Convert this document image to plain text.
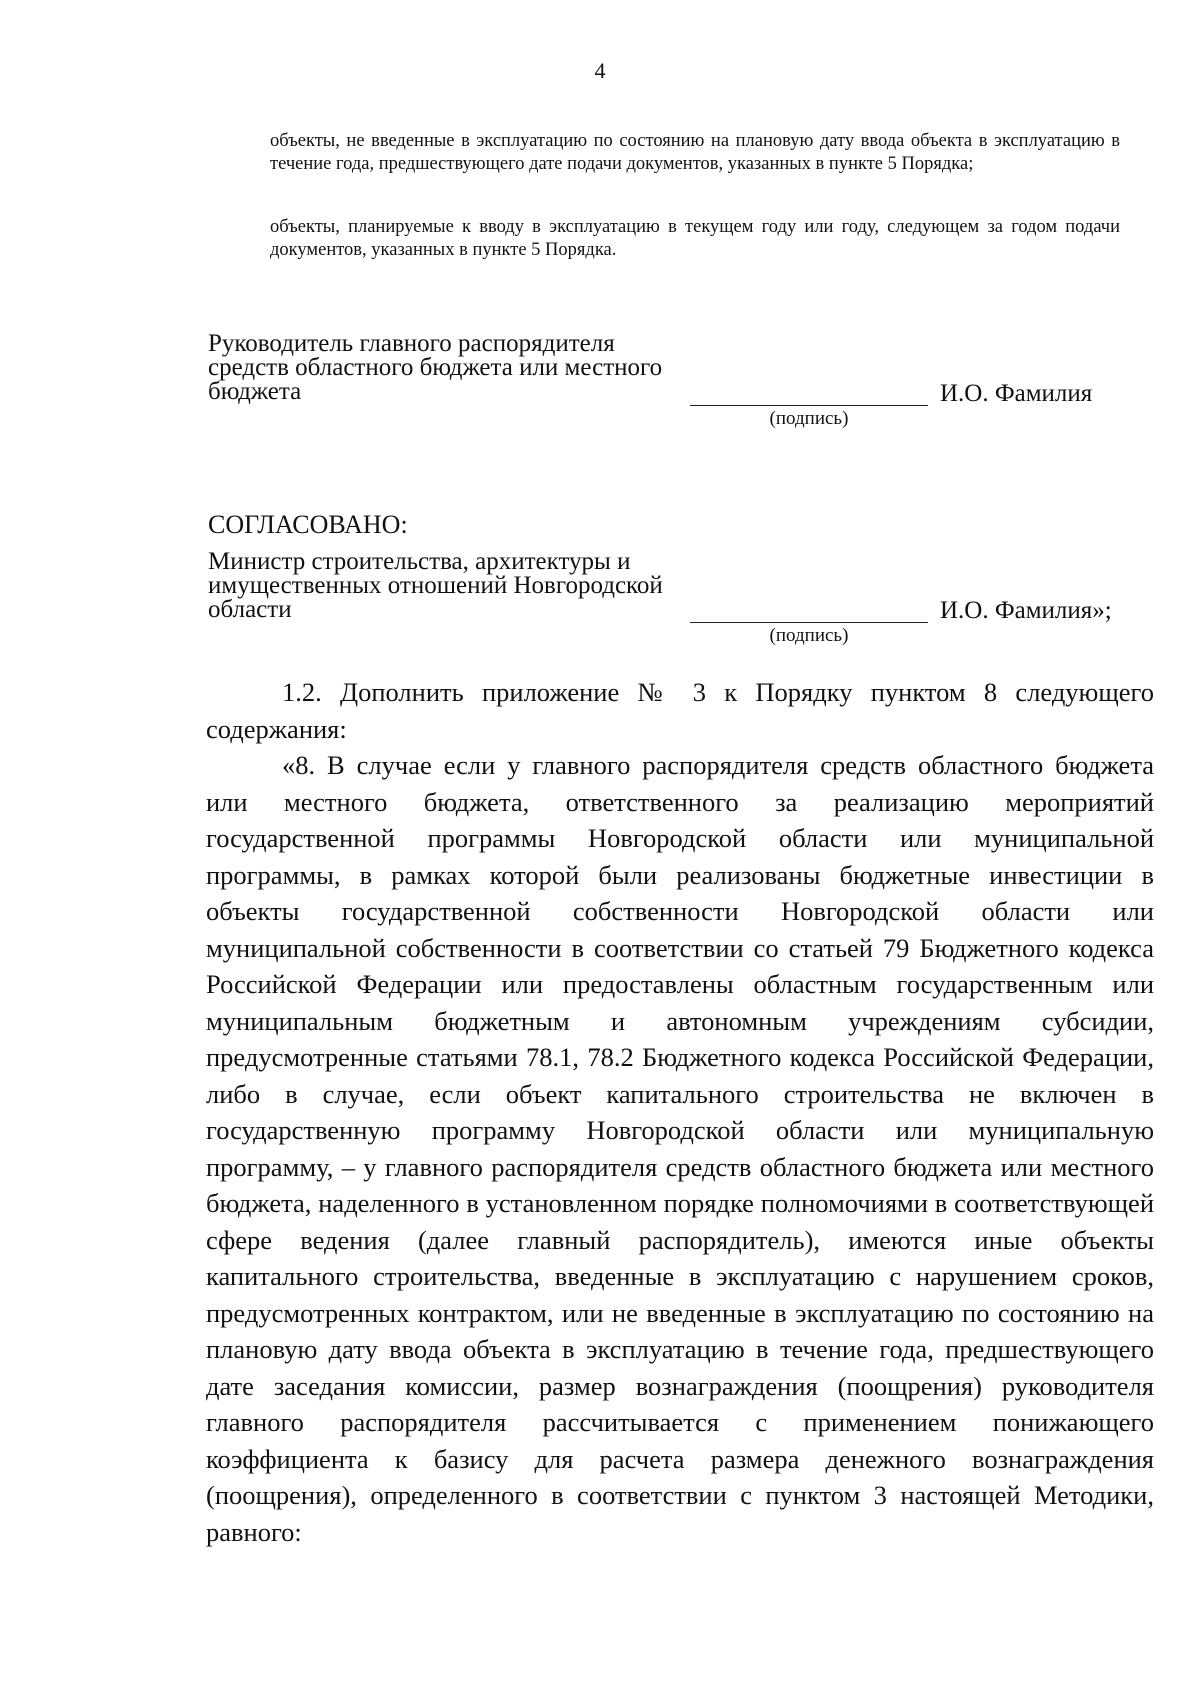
4
объекты, не введенные в эксплуатацию по состоянию на плановую дату ввода объекта в эксплуатацию в течение года, предшествующего дате подачи документов, указанных в пункте 5 Порядка;
объекты, планируемые к вводу в эксплуатацию в текущем году или году, следующем за годом подачи документов, указанных в пункте 5 Порядка.
Руководитель главного распорядителя средств областного бюджета или местного бюджета
(подпись)
И.О. Фамилия
СОГЛАСОВАНО:
Министр строительства, архитектуры и имущественных отношений Новгородской области
(подпись)
И.О. Фамилия»;

1.2. Дополнить приложение № 3 к Порядку пунктом 8 следующего содержания:

«8. В случае если у главного распорядителя средств областного бюджета или местного бюджета, ответственного за реализацию мероприятий государственной программы Новгородской области или муниципальной программы, в рамках которой были реализованы бюджетные инвестиции в объекты государственной собственности Новгородской области или муниципальной собственности в соответствии со статьей 79 Бюджетного кодекса Российской Федерации или предоставлены областным государственным или муниципальным бюджетным и автономным учреждениям субсидии, предусмотренные статьями 78.1, 78.2 Бюджетного кодекса Российской Федерации, либо в случае, если объект капитального строительства не включен в государственную программу Новгородской области или муниципальную программу, – у главного распорядителя средств областного бюджета или местного бюджета, наделенного в установленном порядке полномочиями в соответствующей сфере ведения (далее главный распорядитель), имеются иные объекты капитального строительства, введенные в эксплуатацию с нарушением сроков, предусмотренных контрактом, или не введенные в эксплуатацию по состоянию на плановую дату ввода объекта в эксплуатацию в течение года, предшествующего дате заседания комиссии, размер вознаграждения (поощрения) руководителя главного распорядителя рассчитывается с применением понижающего коэффициента к базису для расчета размера денежного вознаграждения (поощрения), определенного в соответствии с пунктом 3 настоящей Методики, равного:
